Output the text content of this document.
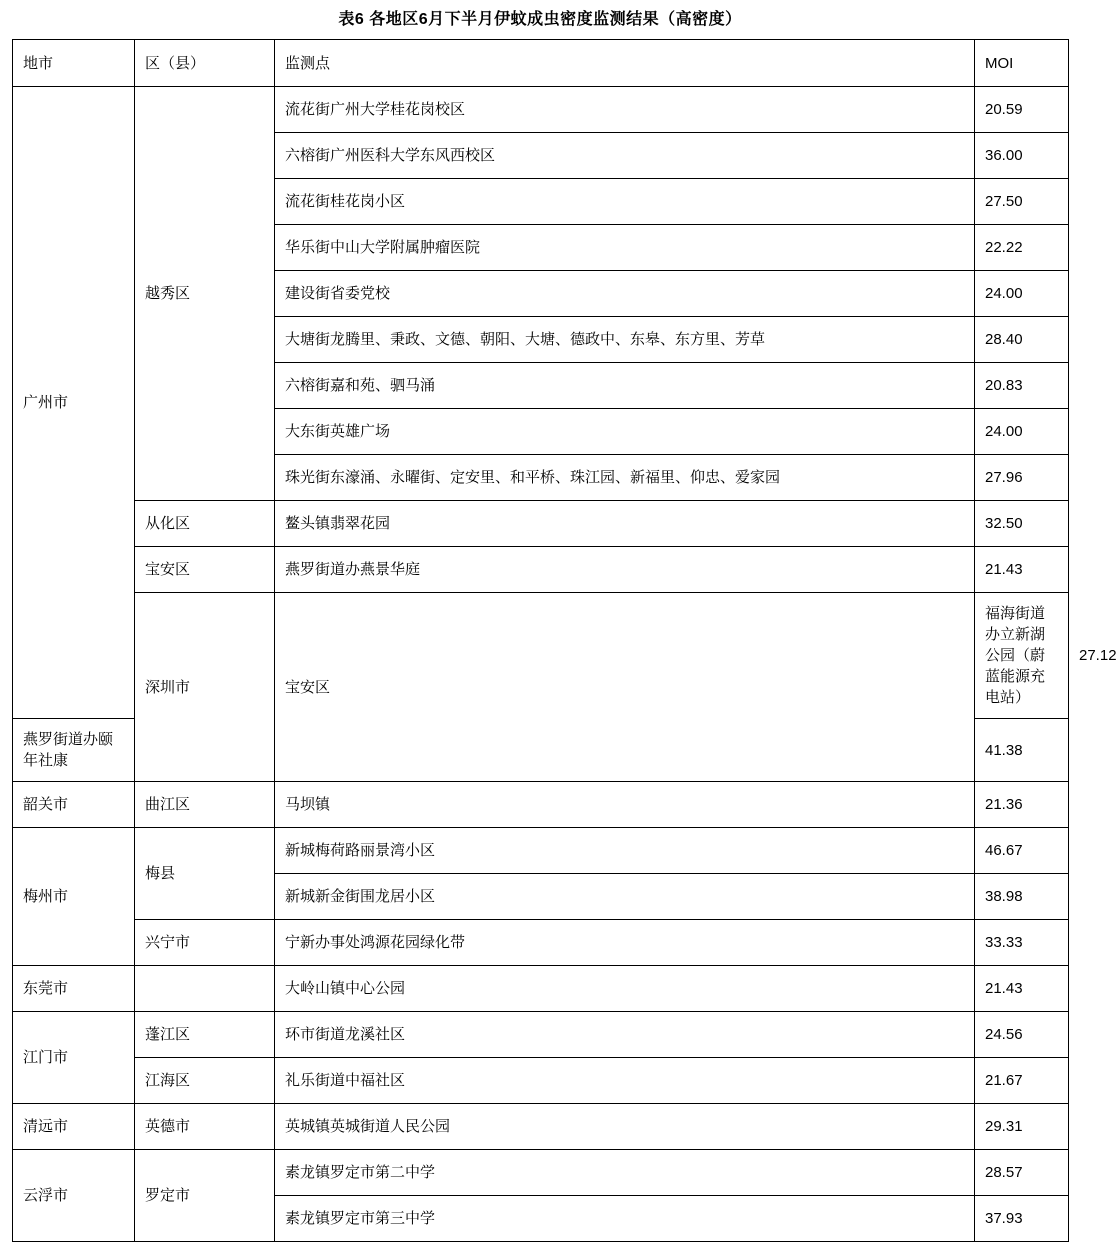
表6 各地区6月下半月伊蚊成虫密度监测结果（高密度）
地市	区（县）	监测点	MOI	
广州市	越秀区	流花街广州大学桂花岗校区	20.59	
		六榕街广州医科大学东风西校区	36.00	
		流花街桂花岗小区	27.50	
		华乐街中山大学附属肿瘤医院	22.22	
		建设街省委党校	24.00	
		大塘街龙腾里、秉政、文德、朝阳、大塘、德政中、东皋、东方里、芳草	28.40	
		六榕街嘉和苑、驷马涌	20.83	
		大东街英雄广场	24.00	
		珠光街东濠涌、永曜街、定安里、和平桥、珠江园、新福里、仰忠、爱家园	27.96	
	从化区	鳌头镇翡翠花园	32.50	
	宝安区	燕罗街道办燕景华庭	21.43	
	深圳市	宝安区	福海街道办立新湖公园（蔚蓝能源充电站）	27.12
燕罗街道办颐年社康			41.38	
韶关市	曲江区	马坝镇	21.36	
梅州市	梅县	新城梅荷路丽景湾小区	46.67	
		新城新金街围龙居小区	38.98	
	兴宁市	宁新办事处鸿源花园绿化带	33.33	
东莞市		大岭山镇中心公园	21.43	
江门市	蓬江区	环市街道龙溪社区	24.56	
	江海区	礼乐街道中福社区	21.67	
清远市	英德市	英城镇英城街道人民公园	29.31	
云浮市	罗定市	素龙镇罗定市第二中学	28.57	
		素龙镇罗定市第三中学	37.93	
